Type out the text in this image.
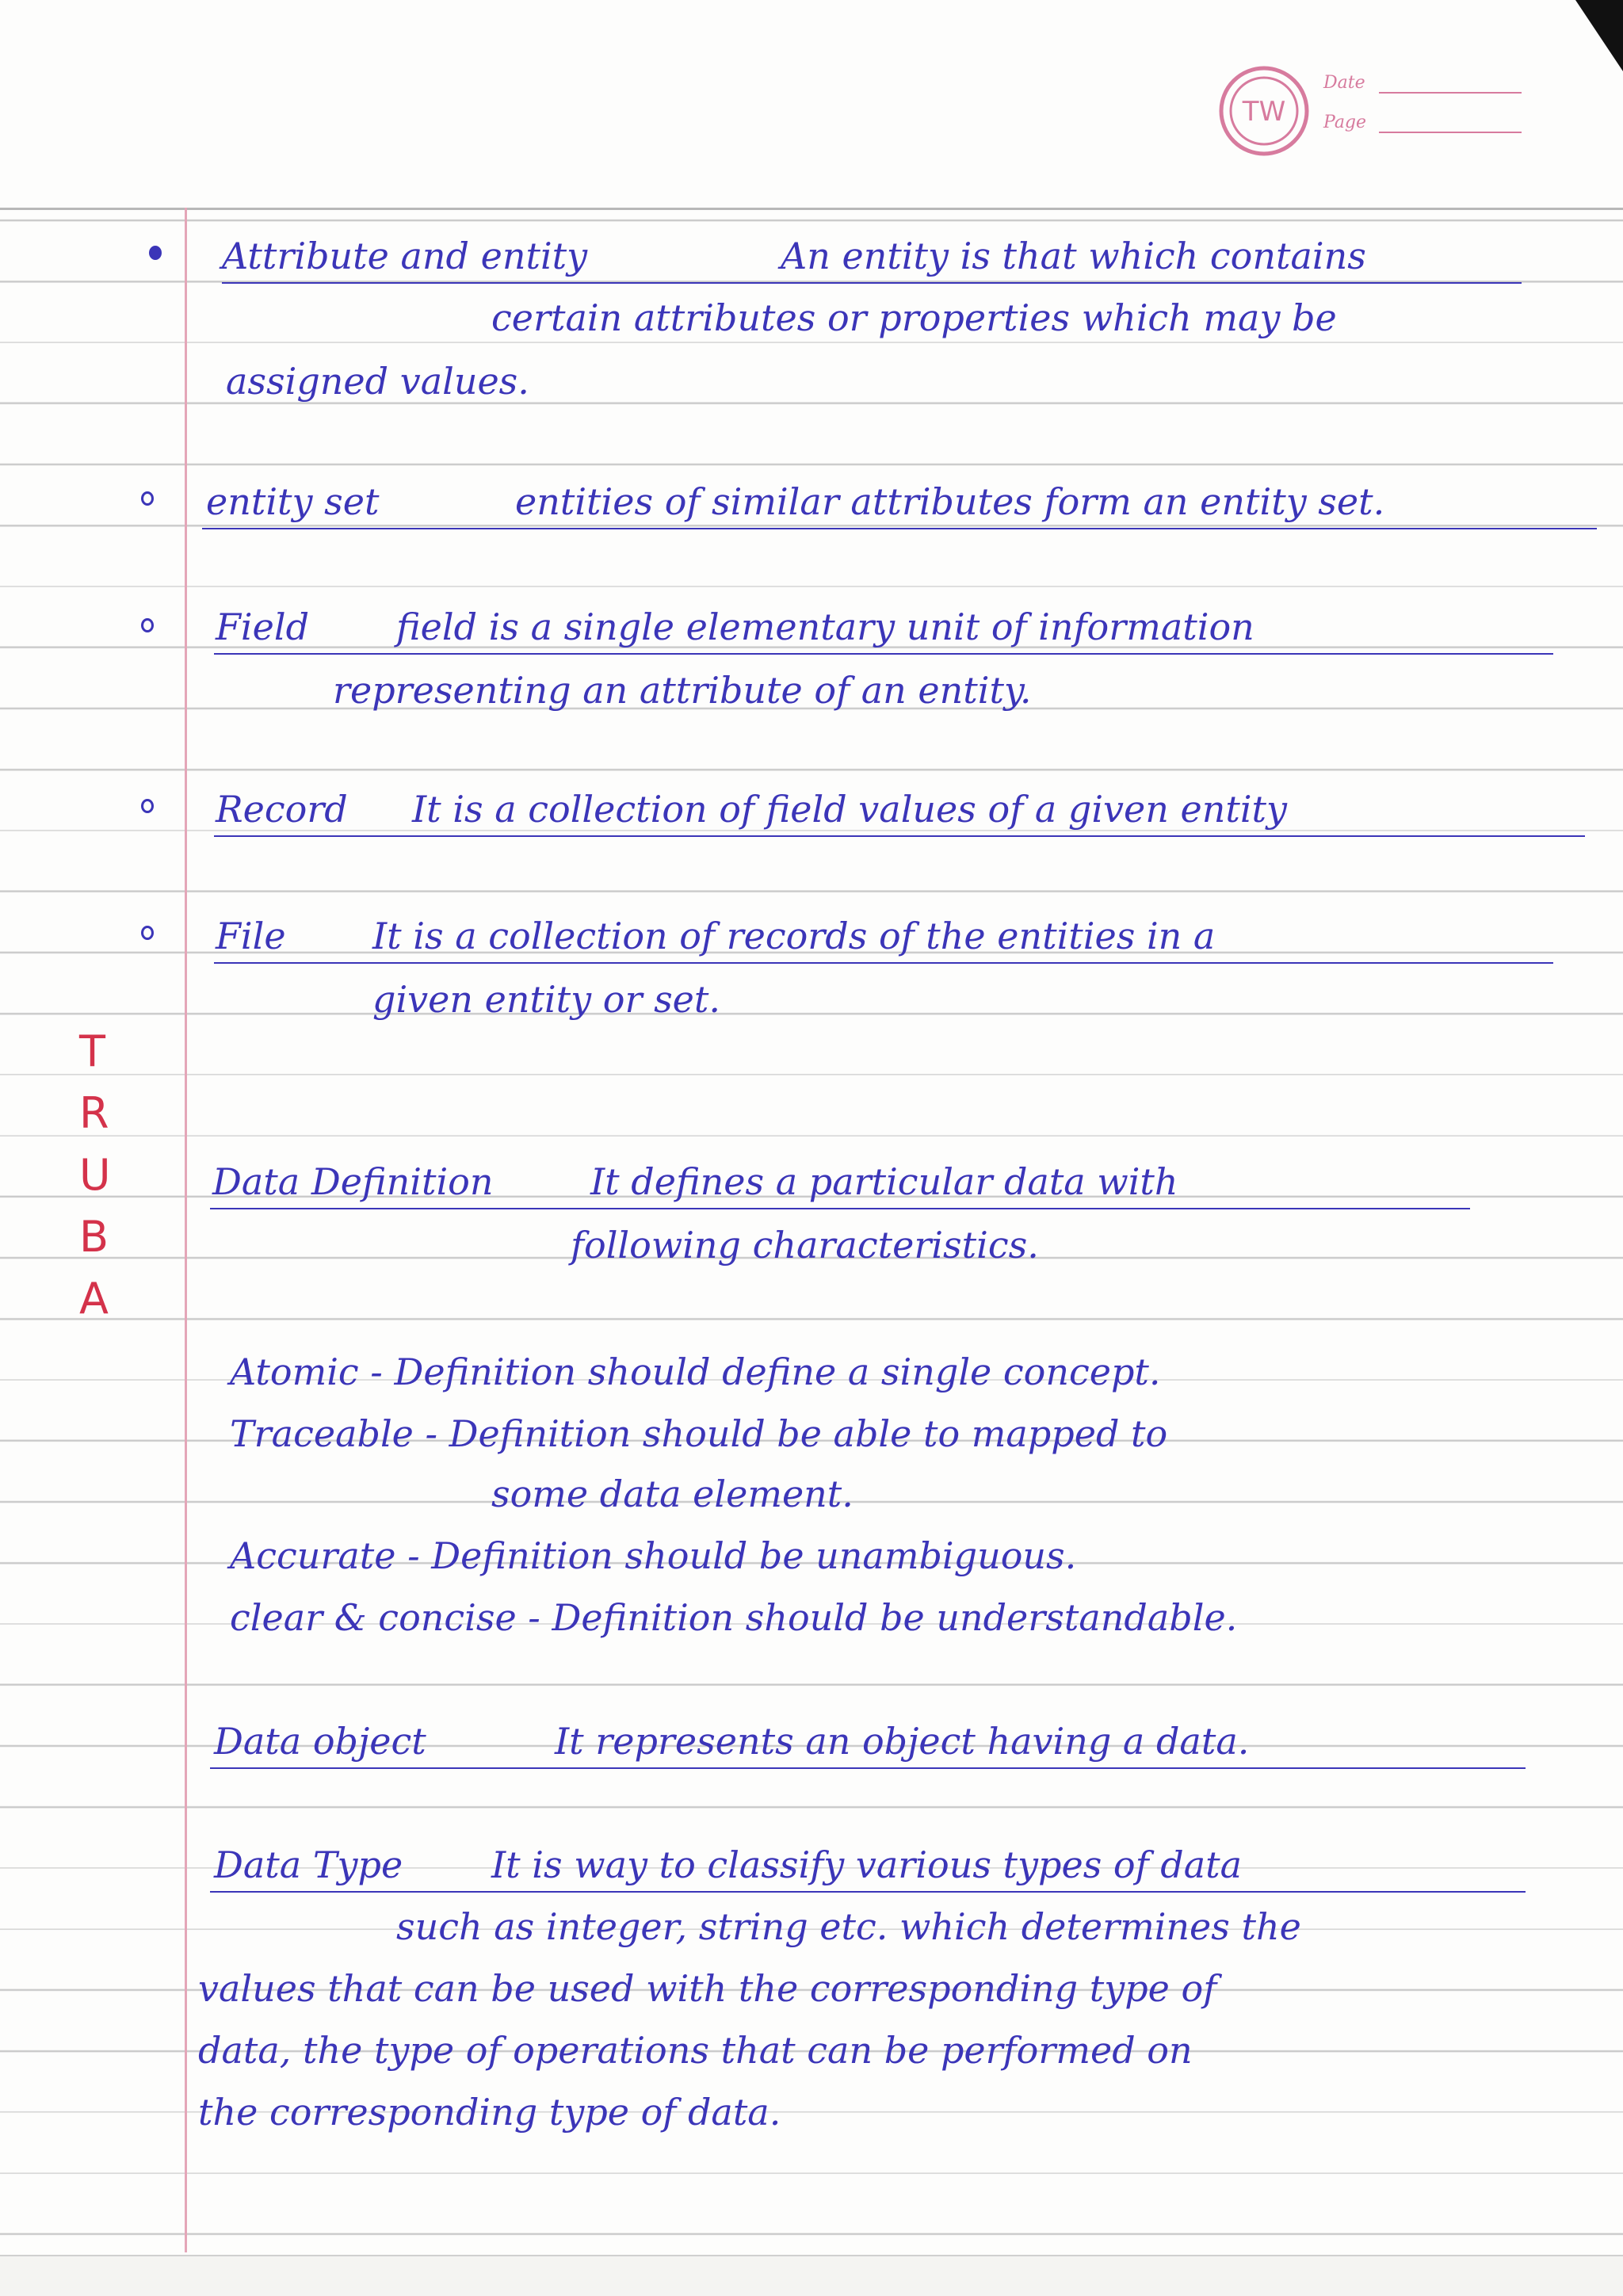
TW
Date
Page
T
R
U
B
A
Attribute and entity	An entity is that which contains
certain attributes or properties which may be
assigned values.
entity set	entities of similar attributes form an entity set.
Field field is a single elementary unit of information
representing an attribute of an entity.
Record It is a collection of field values of a given entity
File It is a collection of records of the entities in a
given entity or set.
Data Definition	It defines a particular data with
following characteristics.
Atomic - Definition should define a single concept.
Traceable - Definition should be able to mapped to
some data element.
Accurate - Definition should be unambiguous.
clear & concise - Definition should be understandable.
Data object	It represents an object having a data.
Data Type It is way to classify various types of data
such as integer, string etc. which determines the
values that can be used with the corresponding type of
data, the type of operations that can be performed on
the corresponding type of data.
